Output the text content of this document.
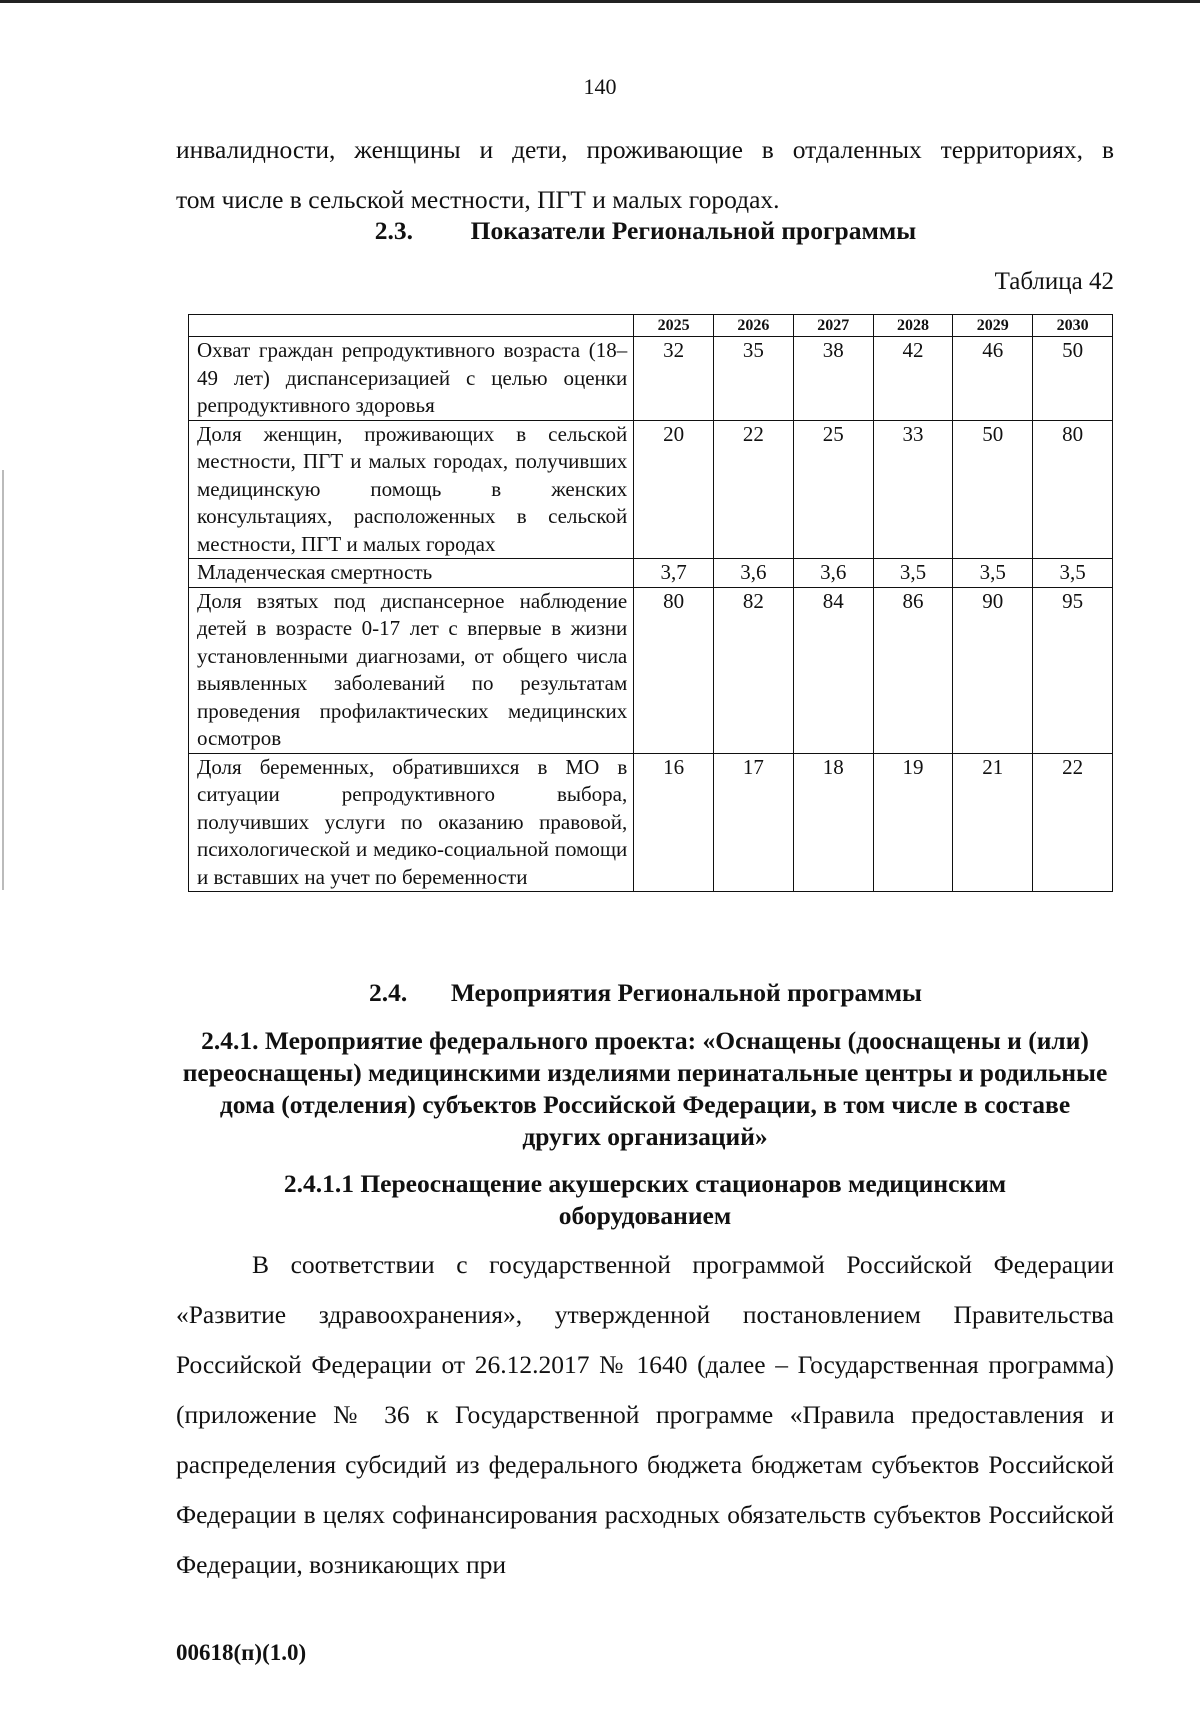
140
инвалидности, женщины и дети, проживающие в отдаленных территориях, в
том числе в сельской местности, ПГТ и малых городах.
2.3. Показатели Региональной программы
Таблица 42
	2025	2026	2027	2028	2029	2030
Охват граждан репродуктивного возраста (18–49 лет) диспансеризацией с целью оценки репродуктивного здоровья	32	35	38	42	46	50
Доля женщин, проживающих в сельской местности, ПГТ и малых городах, получивших медицинскую помощь в женских консультациях, расположенных в сельской местности, ПГТ и малых городах	20	22	25	33	50	80
Младенческая смертность	3,7	3,6	3,6	3,5	3,5	3,5
Доля взятых под диспансерное наблюдение детей в возрасте 0-17 лет с впервые в жизни установленными диагнозами, от общего числа выявленных заболеваний по результатам проведения профилактических медицинских осмотров	80	82	84	86	90	95
Доля беременных, обратившихся в МО в ситуации репродуктивного выбора, получивших услуги по оказанию правовой, психологической и медико-социальной помощи и вставших на учет по беременности	16	17	18	19	21	22
2.4. Мероприятия Региональной программы
2.4.1. Мероприятие федерального проекта: «Оснащены (дооснащены и (или) переоснащены) медицинскими изделиями перинатальные центры и родильные дома (отделения) субъектов Российской Федерации, в том числе в составе других организаций»
2.4.1.1 Переоснащение акушерских стационаров медицинским оборудованием
В соответствии с государственной программой Российской Федерации «Развитие здравоохранения», утвержденной постановлением Правительства Российской Федерации от 26.12.2017 № 1640 (далее – Государственная программа) (приложение № 36 к Государственной программе «Правила предоставления и распределения субсидий из федерального бюджета бюджетам субъектов Российской Федерации в целях софинансирования расходных обязательств субъектов Российской Федерации, возникающих при
00618(п)(1.0)
